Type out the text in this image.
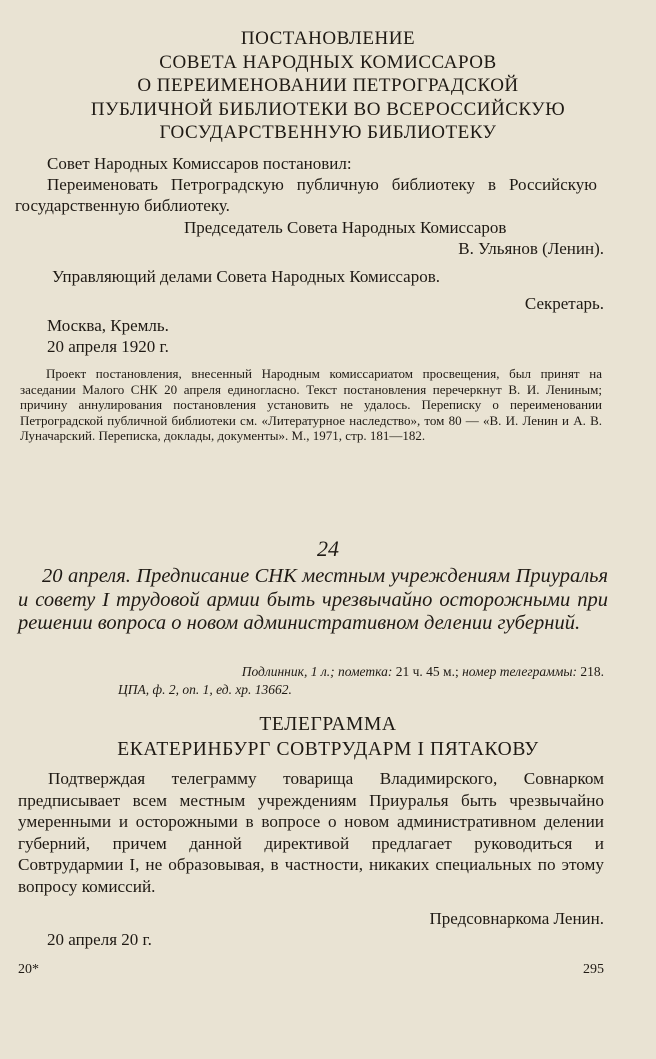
ПОСТАНОВЛЕНИЕ
СОВЕТА НАРОДНЫХ КОМИССАРОВ
О ПЕРЕИМЕНОВАНИИ ПЕТРОГРАДСКОЙ
ПУБЛИЧНОЙ БИБЛИОТЕКИ ВО ВСЕРОССИЙСКУЮ
ГОСУДАРСТВЕННУЮ БИБЛИОТЕКУ
Совет Народных Комиссаров постановил:
Переименовать Петроградскую публичную библиотеку в Российскую государственную библиотеку.
Председатель Совета Народных Комиссаров
В. Ульянов (Ленин).
Управляющий делами Совета Народных Комиссаров.
Секретарь.
Москва, Кремль.
20 апреля 1920 г.
Проект постановления, внесенный Народным комиссариатом просвещения, был принят на заседании Малого СНК 20 апреля единогласно. Текст постановления перечеркнут В. И. Лениным; причину аннулирования постановления установить не удалось. Переписку о переименовании Петроградской публичной библиотеки см. «Литературное наследство», том 80 — «В. И. Ленин и А. В. Луначарский. Переписка, доклады, документы». М., 1971, стр. 181—182.
24
20 апреля. Предписание СНК местным учреждениям Приуралья и совету I трудовой армии быть чрезвычайно осторожными при решении вопроса о новом административном делении губерний.
Подлинник, 1 л.; пометка: 21 ч. 45 м.; номер телеграммы: 218.
ЦПА, ф. 2, оп. 1, ед. хр. 13662.
ТЕЛЕГРАММА
ЕКАТЕРИНБУРГ СОВТРУДАРМ I ПЯТАКОВУ
Подтверждая телеграмму товарища Владимирского, Совнарком предписывает всем местным учреждениям Приуралья быть чрезвычайно умеренными и осторожными в вопросе о новом административном делении губерний, причем данной директивой предлагает руководиться и Совтрудармии I, не образовывая, в частности, никаких специальных по этому вопросу комиссий.
Предсовнаркома Ленин.
20 апреля 20 г.
20*	295
